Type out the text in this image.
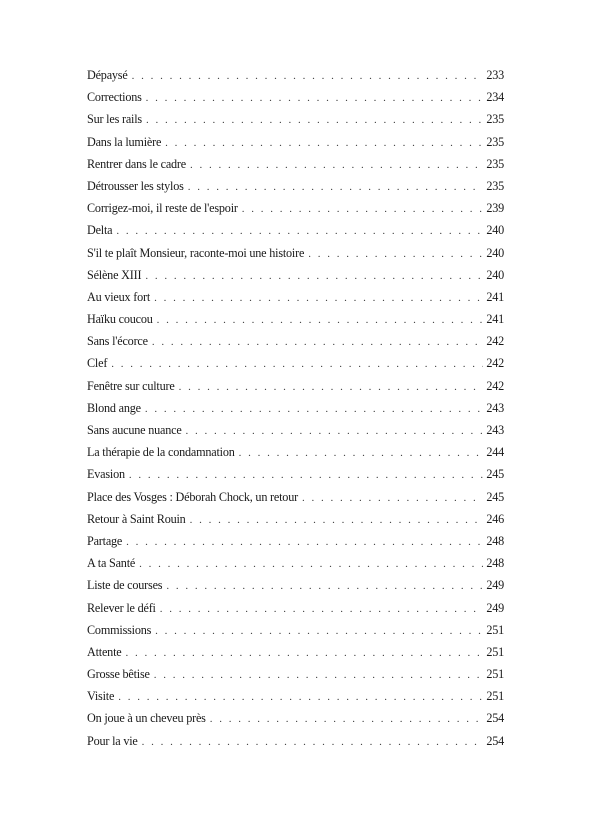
Dépaysé . . .	233
Corrections . . .	234
Sur les rails . . .	235
Dans la lumière . . .	235
Rentrer dans le cadre . . .	235
Détrousser les stylos . . .	235
Corrigez-moi, il reste de l'espoir . . .	239
Delta . . .	240
S'il te plaît Monsieur, raconte-moi une histoire . . .	240
Sélène XIII . . .	240
Au vieux fort . . .	241
Haïku coucou . . .	241
Sans l'écorce . . .	242
Clef . . .	242
Fenêtre sur culture . . .	242
Blond ange . . .	243
Sans aucune nuance . . .	243
La thérapie de la condamnation . . .	244
Evasion . . .	245
Place des Vosges : Déborah Chock, un retour . . .	245
Retour à Saint Rouin . . .	246
Partage . . .	248
A ta Santé . . .	248
Liste de courses . . .	249
Relever le défi . . .	249
Commissions . . .	251
Attente . . .	251
Grosse bêtise . . .	251
Visite . . .	251
On joue à un cheveu près . . .	254
Pour la vie . . .	254
